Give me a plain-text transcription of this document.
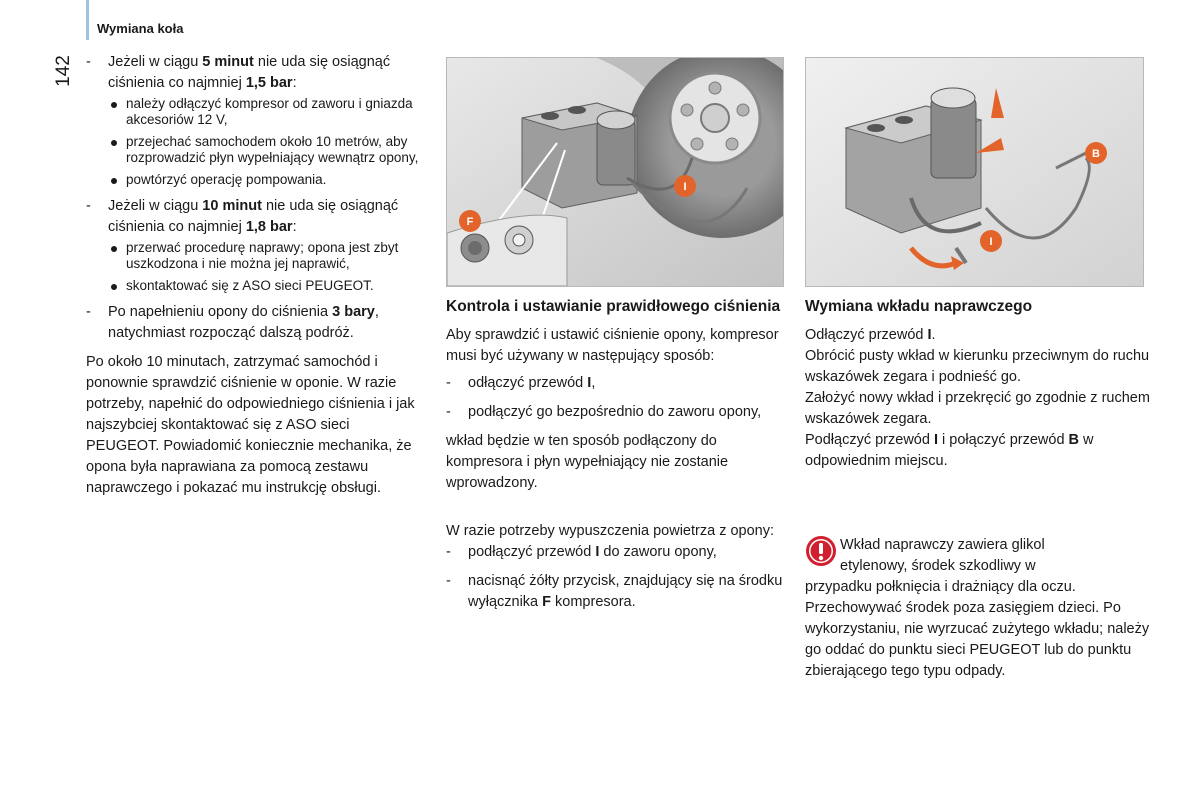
Wymiana koła
142
-	Jeżeli w ciągu 5 minut nie uda się osiągnąć ciśnienia co najmniej 1,5 bar:
należy odłączyć kompresor od zaworu i gniazda akcesoriów 12 V,
przejechać samochodem około 10 metrów, aby rozprowadzić płyn wypełniający wewnątrz opony,
powtórzyć operację pompowania.
- Jeżeli w ciągu 10 minut nie uda się osiągnąć ciśnienia co najmniej 1,8 bar:
przerwać procedurę naprawy; opona jest zbyt uszkodzona i nie można jej naprawić,
skontaktować się z ASO sieci PEUGEOT.
- Po napełnieniu opony do ciśnienia 3 bary, natychmiast rozpocząć dalszą podróż.

Po około 10 minutach, zatrzymać samochód i ponownie sprawdzić ciśnienie w oponie. W razie potrzeby, napełnić do odpowiedniego ciśnienia i jak najszybciej skontaktować się z ASO sieci PEUGEOT. Powiadomić koniecznie mechanika, że opona była naprawiana za pomocą zestawu naprawczego i pokazać mu instrukcję obsługi.

I
F
B
I
Kontrola i ustawianie prawidłowego ciśnienia

Aby sprawdzić i ustawić ciśnienie opony, kompresor musi być używany w następujący sposób:

- odłączyć przewód I,
- podłączyć go bezpośrednio do zaworu opony,

wkład będzie w ten sposób podłączony do kompresora i płyn wypełniający nie zostanie wprowadzony.

W razie potrzeby wypuszczenia powietrza z opony:

- podłączyć przewód I do zaworu opony,
- nacisnąć żółty przycisk, znajdujący się na środku wyłącznika F kompresora.
Wymiana wkładu naprawczego
Odłączyć przewód I.
Obrócić pusty wkład w kierunku przeciwnym do ruchu wskazówek zegara i podnieść go.
Założyć nowy wkład i przekręcić go zgodnie z ruchem wskazówek zegara.
Podłączyć przewód I i połączyć przewód B w odpowiednim miejscu.
Wkład naprawczy zawiera glikol
etylenowy, środek szkodliwy w
przypadku połknięcia i drażniący dla oczu. Przechowywać środek poza zasięgiem dzieci. Po wykorzystaniu, nie wyrzucać zużytego wkładu; należy go oddać do punktu sieci PEUGEOT lub do punktu zbierającego tego typu odpady.
